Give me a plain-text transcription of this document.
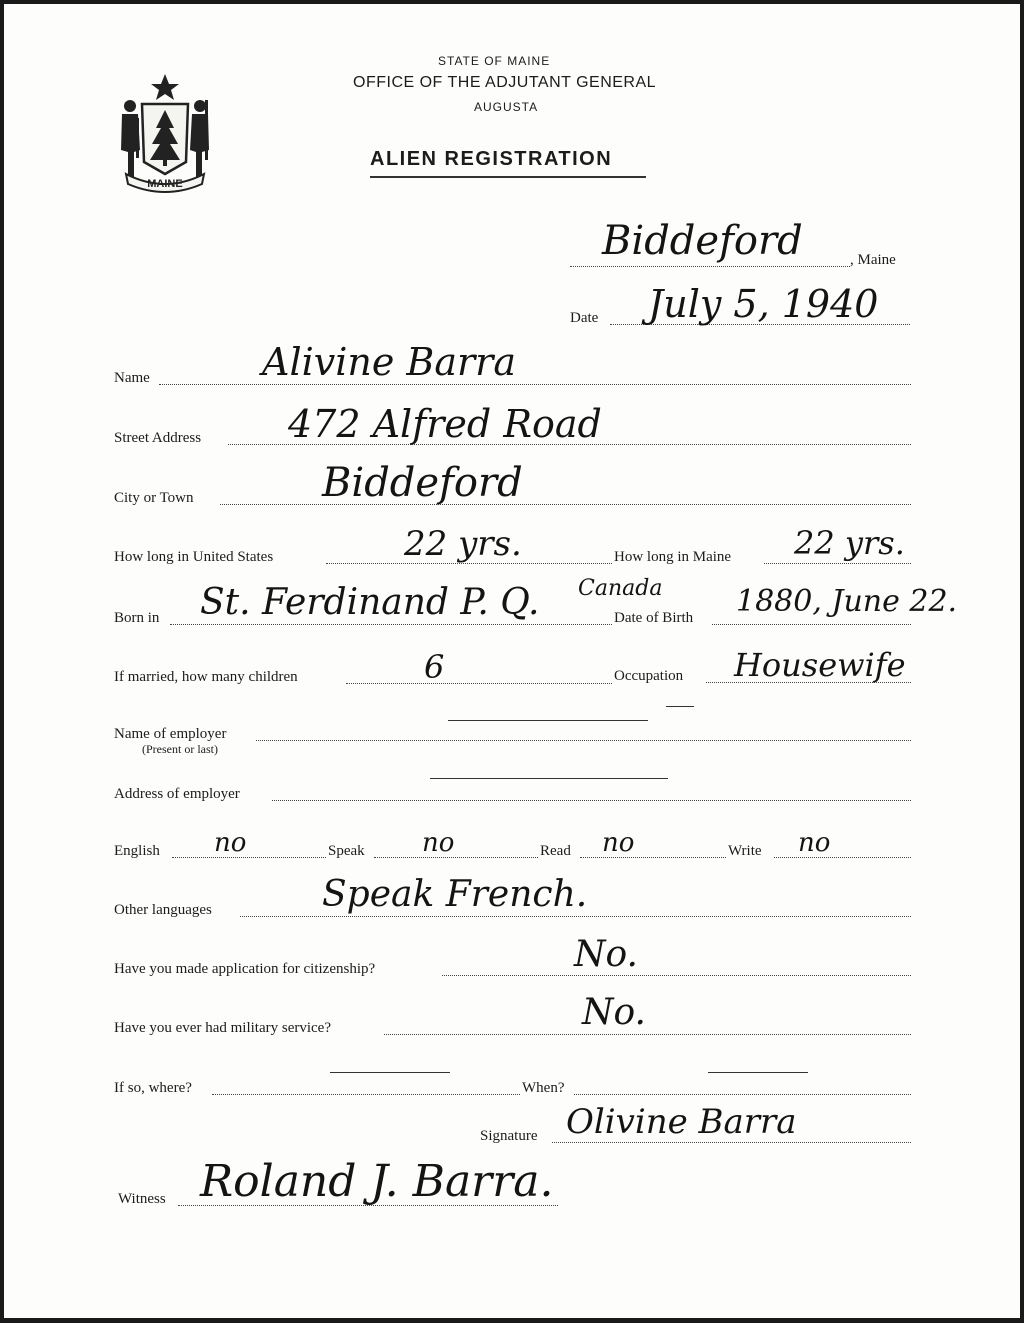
MAINE
STATE OF MAINE
OFFICE OF THE ADJUTANT GENERAL
AUGUSTA
ALIEN REGISTRATION
Biddeford	, Maine
Date July 5, 1940
Name	Alivine Barra
Street Address 472 Alfred Road
City or Town	Biddeford
How long in United States	22 yrs.	How long in Maine 22 yrs.
Born in St. Ferdinand P. Q. Canada
Date of Birth 1880, June 22.
If married, how many children	6	Occupation Housewife
Name of employer
(Present or last)
Address of employer
English no	Speak no	Read no	Write no
Other languages	Speak French.
Have you made application for citizenship?	No.
Have you ever had military service?	No.
If so, where?	When?
Signature Olivine Barra
Witness Roland J. Barra.
